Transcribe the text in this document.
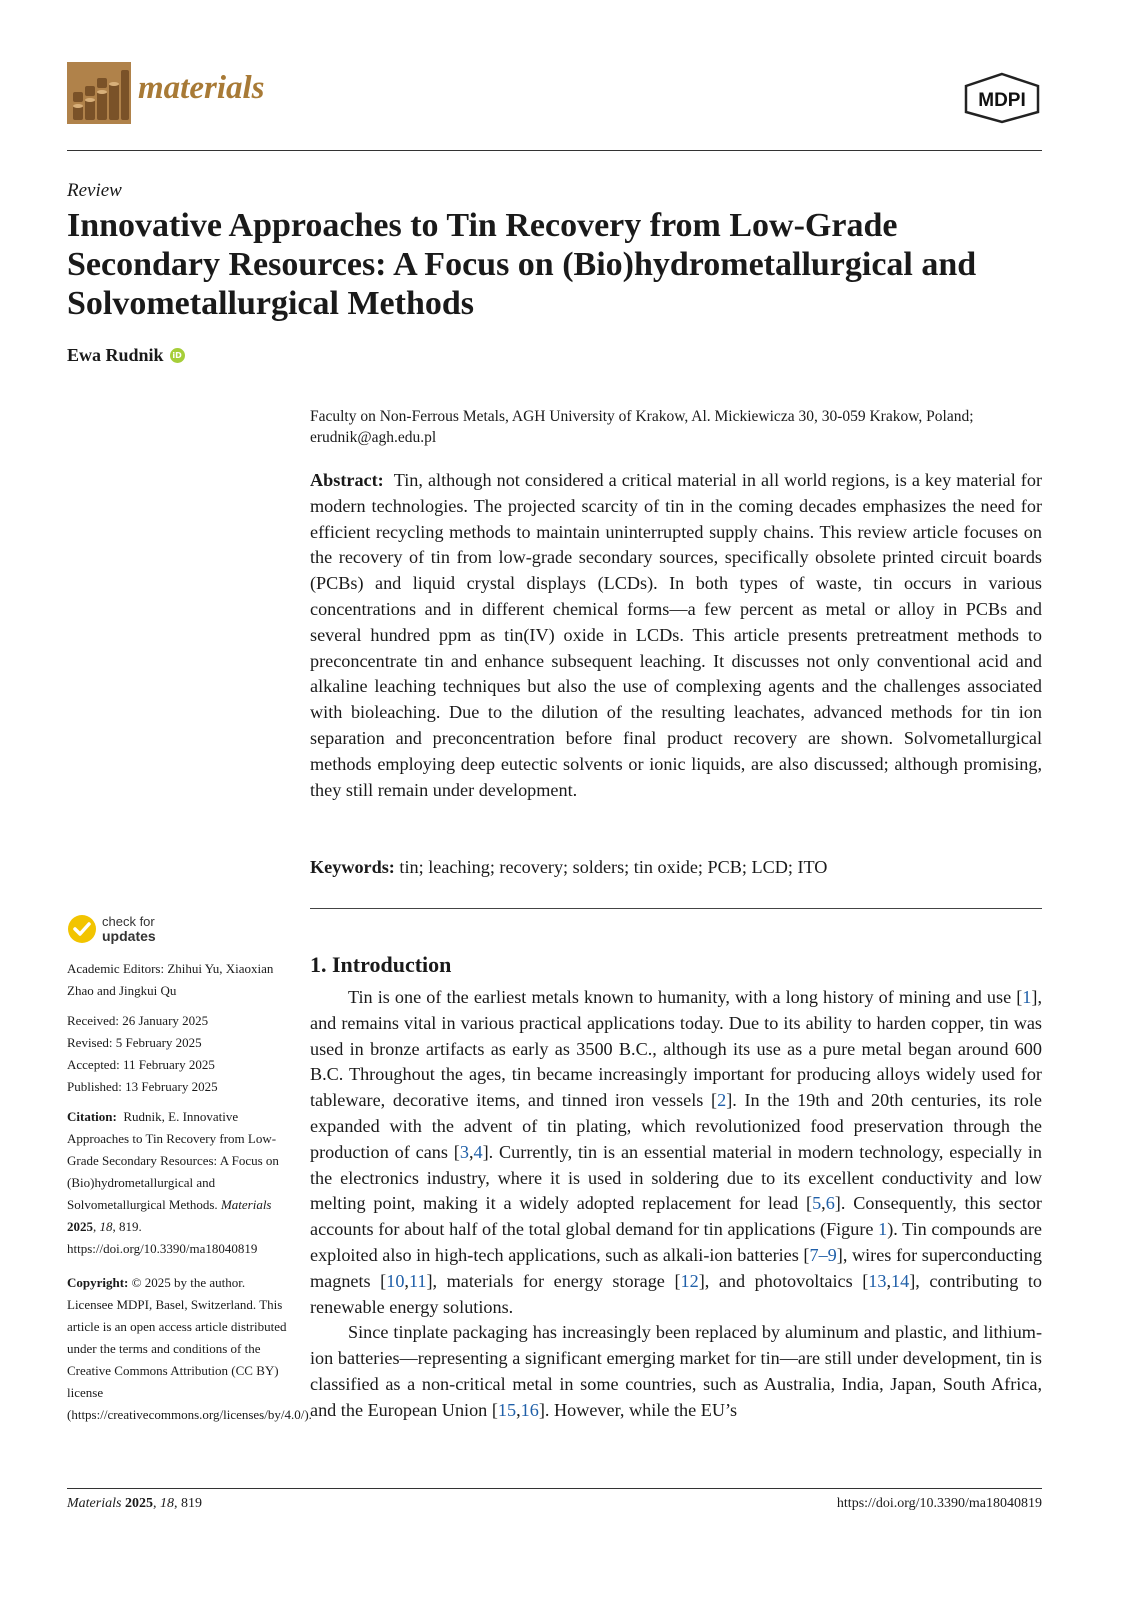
materials	MDPI
Review
Innovative Approaches to Tin Recovery from Low-Grade Secondary Resources: A Focus on (Bio)hydrometallurgical and Solvometallurgical Methods
Ewa Rudnik	iD
Faculty on Non-Ferrous Metals, AGH University of Krakow, Al. Mickiewicza 30, 30-059 Krakow, Poland;
erudnik@agh.edu.pl

Abstract: Tin, although not considered a critical material in all world regions, is a key material for modern technologies. The projected scarcity of tin in the coming decades emphasizes the need for efficient recycling methods to maintain uninterrupted supply chains. This review article focuses on the recovery of tin from low-grade secondary sources, specifically obsolete printed circuit boards (PCBs) and liquid crystal displays (LCDs). In both types of waste, tin occurs in various concentrations and in different chemical forms—a few percent as metal or alloy in PCBs and several hundred ppm as tin(IV) oxide in LCDs. This article presents pretreatment methods to preconcentrate tin and enhance subsequent leaching. It discusses not only conventional acid and alkaline leaching techniques but also the use of complexing agents and the challenges associated with bioleaching. Due to the dilution of the resulting leachates, advanced methods for tin ion separation and preconcentration before final product recovery are shown. Solvometallurgical methods employing deep eutectic solvents or ionic liquids, are also discussed; although promising, they still remain under development.

Keywords: tin; leaching; recovery; solders; tin oxide; PCB; LCD; ITO
check for
updates
Academic Editors: Zhihui Yu, Xiaoxian Zhao and Jingkui Qu

Received: 26 January 2025

Revised: 5 February 2025

Accepted: 11 February 2025

Published: 13 February 2025

Citation: Rudnik, E. Innovative Approaches to Tin Recovery from Low-Grade Secondary Resources: A Focus on (Bio)hydrometallurgical and Solvometallurgical Methods. Materials 2025, 18, 819. https://doi.org/10.3390/ma18040819
Copyright: © 2025 by the author. Licensee MDPI, Basel, Switzerland. This article is an open access article distributed under the terms and conditions of the Creative Commons Attribution (CC BY) license (https://creativecommons.org/licenses/by/4.0/).
1. Introduction

Tin is one of the earliest metals known to humanity, with a long history of mining and use [1], and remains vital in various practical applications today. Due to its ability to harden copper, tin was used in bronze artifacts as early as 3500 B.C., although its use as a pure metal began around 600 B.C. Throughout the ages, tin became increasingly important for producing alloys widely used for tableware, decorative items, and tinned iron vessels [2]. In the 19th and 20th centuries, its role expanded with the advent of tin plating, which revolutionized food preservation through the production of cans [3,4]. Currently, tin is an essential material in modern technology, especially in the electronics industry, where it is used in soldering due to its excellent conductivity and low melting point, making it a widely adopted replacement for lead [5,6]. Consequently, this sector accounts for about half of the total global demand for tin applications (Figure 1). Tin compounds are exploited also in high-tech applications, such as alkali-ion batteries [7–9], wires for superconducting magnets [10,11], materials for energy storage [12], and photovoltaics [13,14], contributing to renewable energy solutions.

Since tinplate packaging has increasingly been replaced by aluminum and plastic, and lithium-ion batteries—representing a significant emerging market for tin—are still under development, tin is classified as a non-critical metal in some countries, such as Australia, India, Japan, South Africa, and the European Union [15,16]. However, while the EU’s

Materials 2025, 18, 819	https://doi.org/10.3390/ma18040819
